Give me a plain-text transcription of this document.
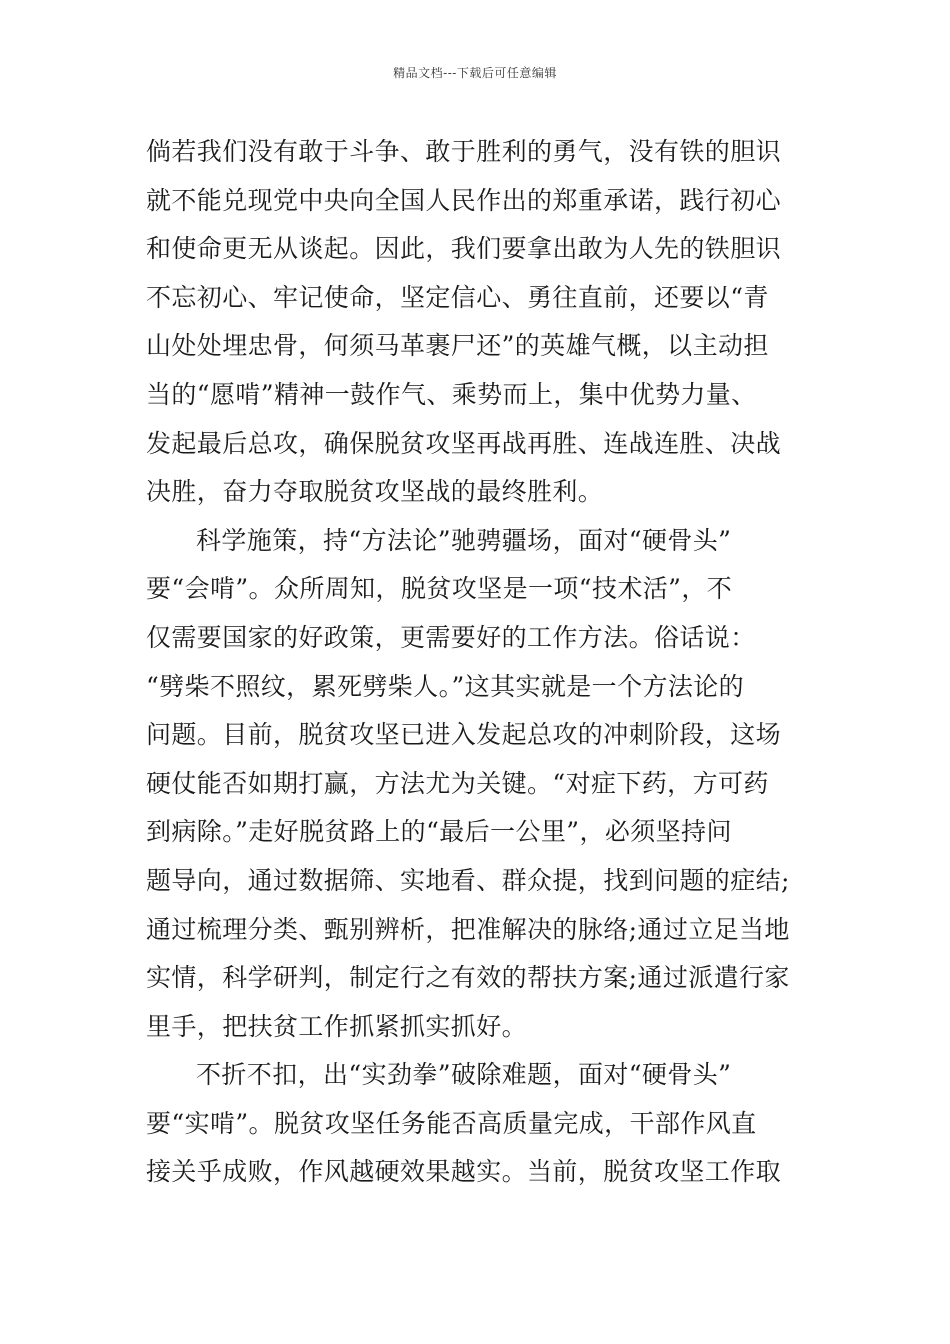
精品文档---下载后可任意编辑
倘若我们没有敢于斗争、敢于胜利的勇气，没有铁的胆识
就不能兑现党中央向全国人民作出的郑重承诺，践行初心
和使命更无从谈起。因此，我们要拿出敢为人先的铁胆识
不忘初心、牢记使命，坚定信心、勇往直前，还要以“青
山处处埋忠骨，何须马革裹尸还”的英雄气概，以主动担
当的“愿啃”精神一鼓作气、乘势而上，集中优势力量、
发起最后总攻，确保脱贫攻坚再战再胜、连战连胜、决战
决胜，奋力夺取脱贫攻坚战的最终胜利。
科学施策，持“方法论”驰骋疆场，面对“硬骨头”
要“会啃”。众所周知，脱贫攻坚是一项“技术活”，不
仅需要国家的好政策，更需要好的工作方法。俗话说：
“劈柴不照纹，累死劈柴人。”这其实就是一个方法论的
问题。目前，脱贫攻坚已进入发起总攻的冲刺阶段，这场
硬仗能否如期打赢，方法尤为关键。“对症下药，方可药
到病除。”走好脱贫路上的“最后一公里”，必须坚持问
题导向，通过数据筛、实地看、群众提，找到问题的症结;
通过梳理分类、甄别辨析，把准解决的脉络;通过立足当地
实情，科学研判，制定行之有效的帮扶方案;通过派遣行家
里手，把扶贫工作抓紧抓实抓好。
不折不扣，出“实劲拳”破除难题，面对“硬骨头”
要“实啃”。脱贫攻坚任务能否高质量完成，干部作风直
接关乎成败，作风越硬效果越实。当前，脱贫攻坚工作取
